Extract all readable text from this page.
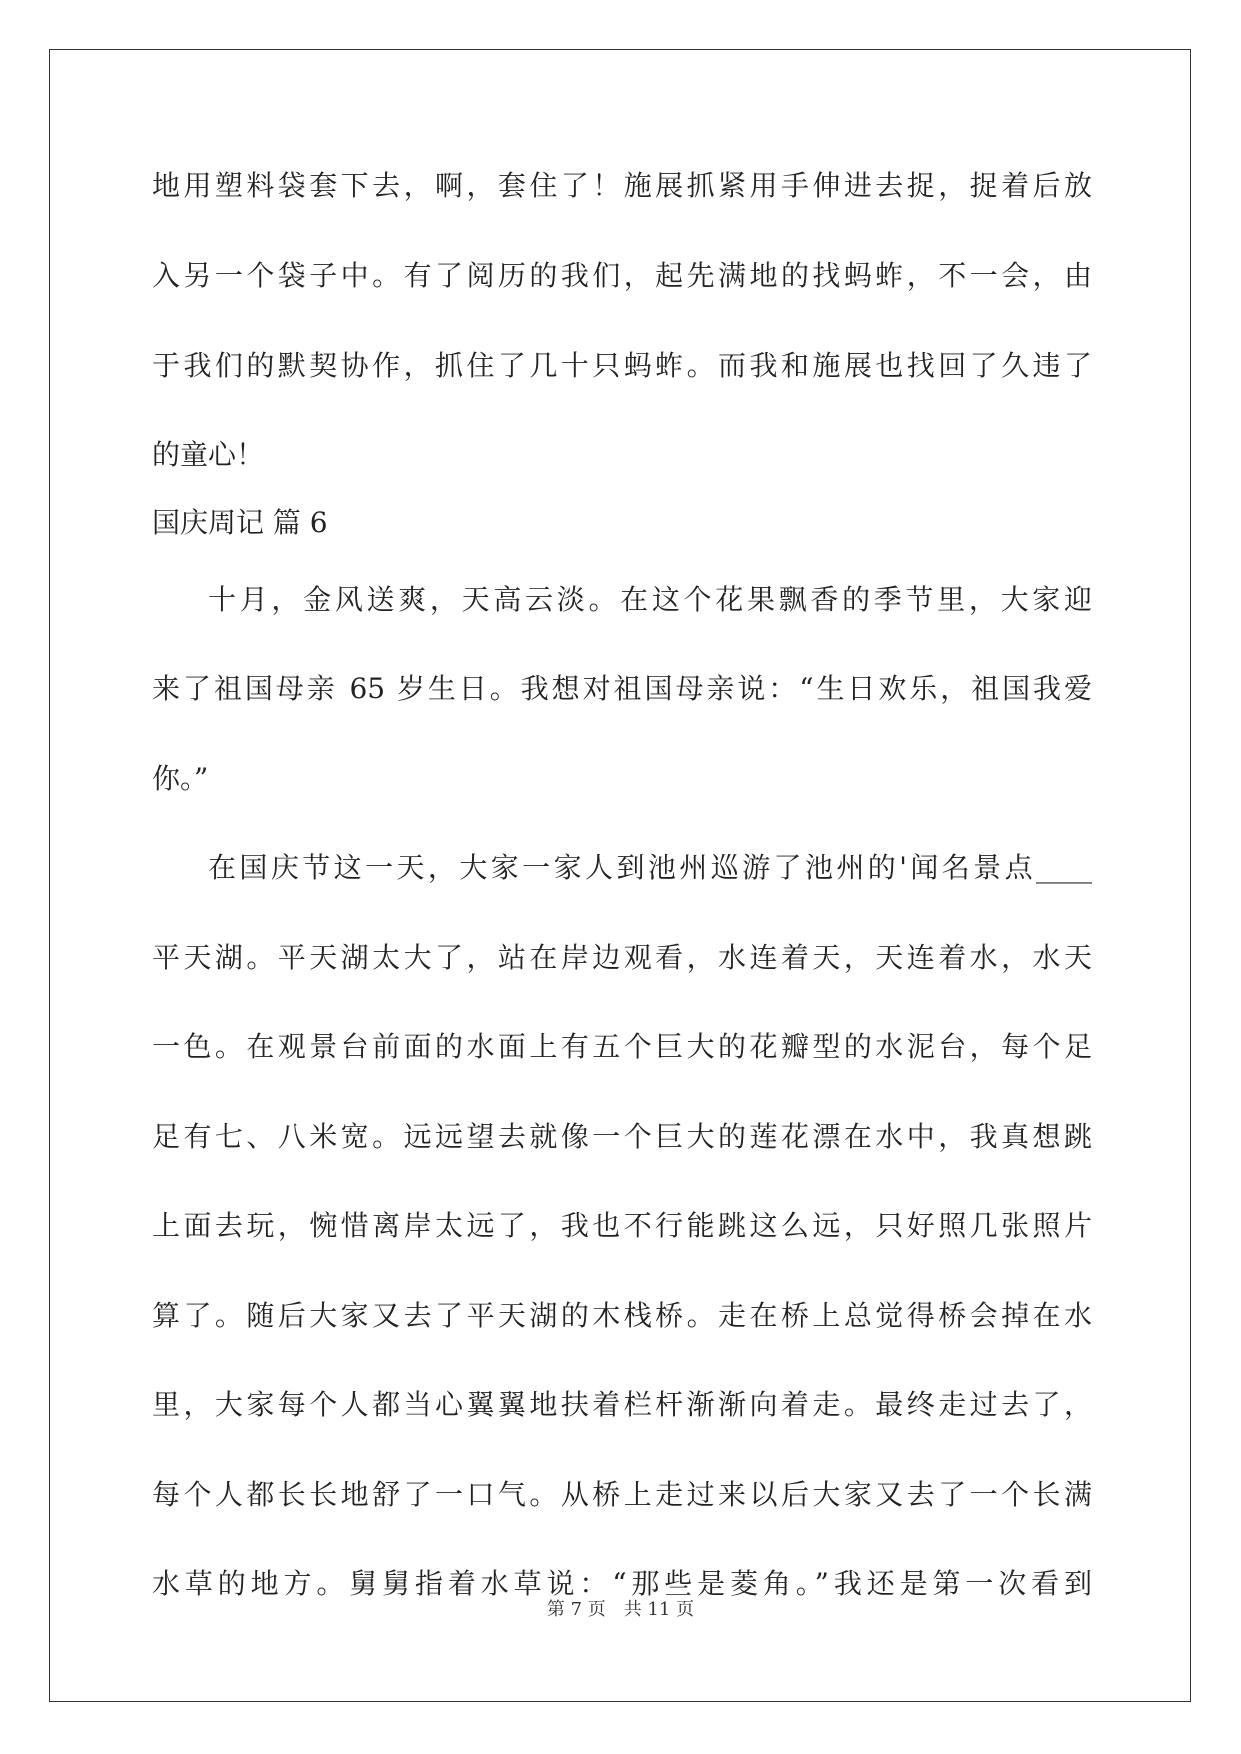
地用塑料袋套下去，啊，套住了！施展抓紧用手伸进去捉，捉着后放
入另一个袋子中。有了阅历的我们，起先满地的找蚂蚱，不一会，由
于我们的默契协作，抓住了几十只蚂蚱。而我和施展也找回了久违了
的童心！
国庆周记 篇 6
十月，金风送爽，天高云淡。在这个花果飘香的季节里，大家迎
来了祖国母亲 65 岁生日。我想对祖国母亲说：“生日欢乐，祖国我爱
你。”
在国庆节这一天，大家一家人到池州巡游了池州的'闻名景点____
平天湖。平天湖太大了，站在岸边观看，水连着天，天连着水，水天
一色。在观景台前面的水面上有五个巨大的花瓣型的水泥台，每个足
足有七、八米宽。远远望去就像一个巨大的莲花漂在水中，我真想跳
上面去玩，惋惜离岸太远了，我也不行能跳这么远，只好照几张照片
算了。随后大家又去了平天湖的木栈桥。走在桥上总觉得桥会掉在水
里，大家每个人都当心翼翼地扶着栏杆渐渐向着走。最终走过去了，
每个人都长长地舒了一口气。从桥上走过来以后大家又去了一个长满
水草的地方。舅舅指着水草说：“那些是菱角。”我还是第一次看到
第 7 页 共 11 页
